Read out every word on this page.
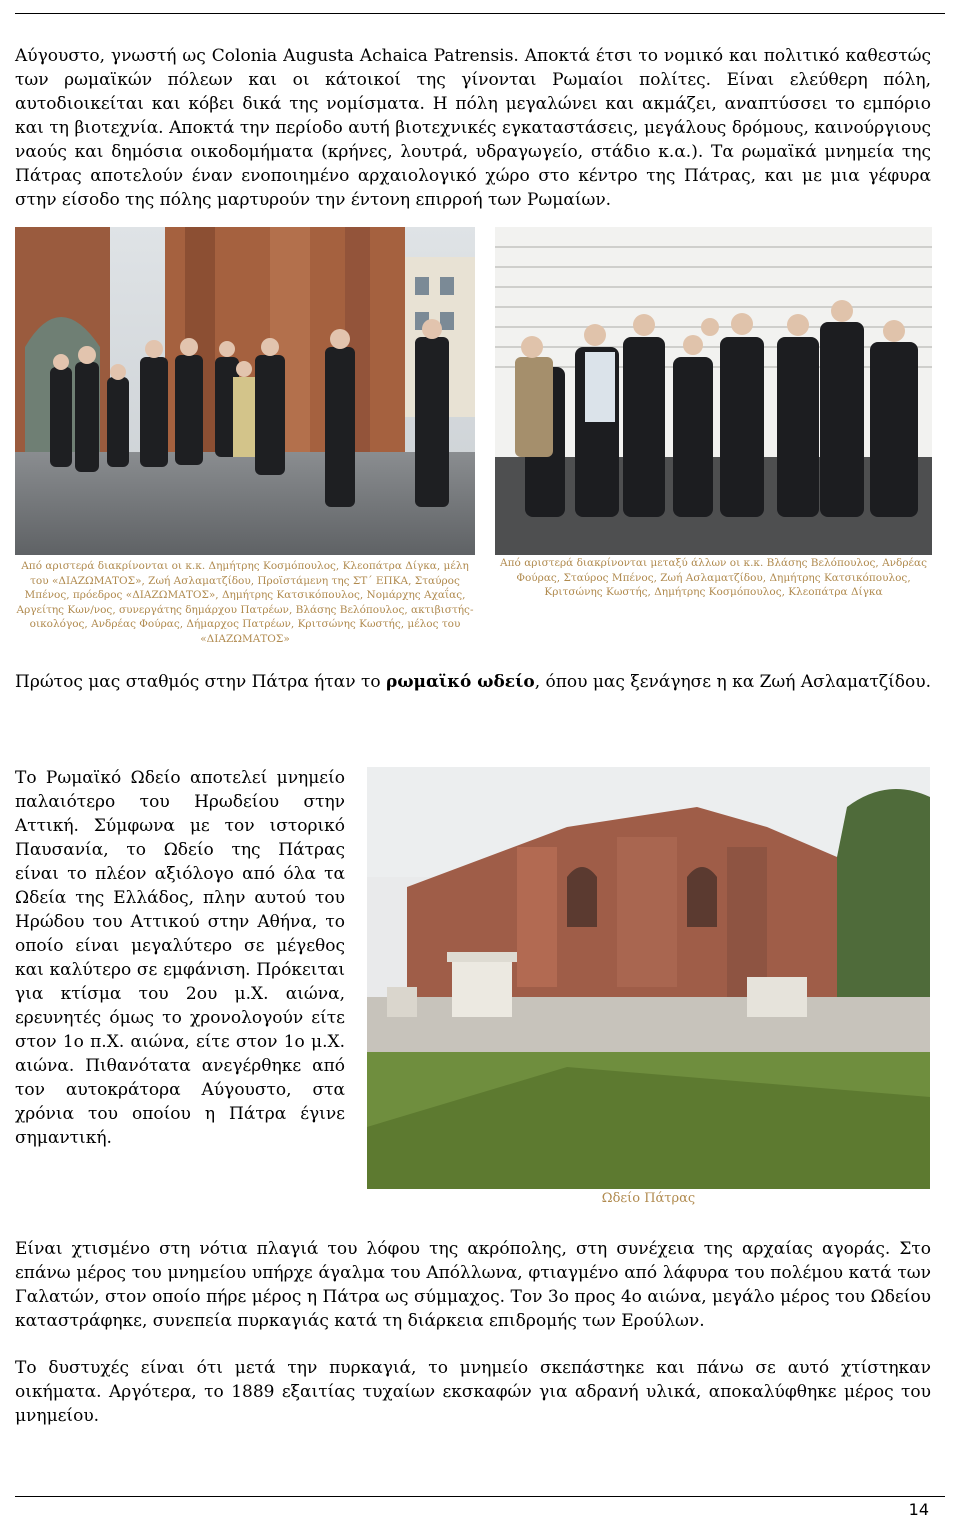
Αύγουστο, γνωστή ως Colonia Augusta Achaica Patrensis. Αποκτά έτσι το νομικό και πολιτικό καθεστώς των ρωμαϊκών πόλεων και οι κάτοικοί της γίνονται Ρωμαίοι πολίτες. Είναι ελεύθερη πόλη, αυτοδιοικείται και κόβει δικά της νομίσματα. Η πόλη μεγαλώνει και ακμάζει, αναπτύσσει το εμπόριο και τη βιοτεχνία. Αποκτά την περίοδο αυτή βιοτεχνικές εγκαταστάσεις, μεγάλους δρόμους, καινούργιους ναούς και δημόσια οικοδομήματα (κρήνες, λουτρά, υδραγωγείο, στάδιο κ.α.). Τα ρωμαϊκά μνημεία της Πάτρας αποτελούν έναν ενοποιημένο αρχαιολογικό χώρο στο κέντρο της Πάτρας, και με μια γέφυρα στην είσοδο της πόλης μαρτυρούν την έντονη επιρροή των Ρωμαίων.

Από αριστερά διακρίνονται οι κ.κ. Δημήτρης Κοσμόπουλος, Κλεοπάτρα Δίγκα, μέλη του «ΔΙΑΖΩΜΑΤΟΣ», Ζωή Ασλαματζίδου, Προϊστάμενη της ΣΤ΄ ΕΠΚΑ, Σταύρος Μπένος, πρόεδρος «ΔΙΑΖΩΜΑΤΟΣ», Δημήτρης Κατσικόπουλος, Νομάρχης Αχαΐας, Αργείτης Κων/νος, συνεργάτης δημάρχου Πατρέων, Βλάσης Βελόπουλος, ακτιβιστής- οικολόγος, Ανδρέας Φούρας, Δήμαρχος Πατρέων, Κριτσώνης Κωστής, μέλος του «ΔΙΑΖΩΜΑΤΟΣ»

Από αριστερά διακρίνονται μεταξύ άλλων οι κ.κ. Βλάσης Βελόπουλος, Ανδρέας Φούρας, Σταύρος Μπένος, Ζωή Ασλαματζίδου, Δημήτρης Κατσικόπουλος, Κριτσώνης Κωστής, Δημήτρης Κοσμόπουλος, Κλεοπάτρα Δίγκα

Πρώτος μας σταθμός στην Πάτρα ήταν το ρωμαϊκό ωδείο, όπου μας ξενάγησε η κα Ζωή Ασλαματζίδου.

Το Ρωμαϊκό Ωδείο αποτελεί μνημείο παλαιότερο του Ηρωδείου στην Αττική. Σύμφωνα με τον ιστορικό Παυσανία, το Ωδείο της Πάτρας είναι το πλέον αξιόλογο από όλα τα Ωδεία της Ελλάδος, πλην αυτού του Ηρώδου του Αττικού στην Αθήνα, το οποίο είναι μεγαλύτερο σε μέγεθος και καλύτερο σε εμφάνιση. Πρόκειται για κτίσμα του 2ου μ.Χ. αιώνα, ερευνητές όμως το χρονολογούν είτε στον 1ο π.Χ. αιώνα, είτε στον 1ο μ.Χ. αιώνα. Πιθανότατα ανεγέρθηκε από τον αυτοκράτορα Αύγουστο, στα χρόνια του οποίου η Πάτρα έγινε σημαντική.

Ωδείο Πάτρας

Είναι χτισμένο στη νότια πλαγιά του λόφου της ακρόπολης, στη συνέχεια της αρχαίας αγοράς. Στο επάνω μέρος του μνημείου υπήρχε άγαλμα του Απόλλωνα, φτιαγμένο από λάφυρα του πολέμου κατά των Γαλατών, στον οποίο πήρε μέρος η Πάτρα ως σύμμαχος. Τον 3ο προς 4ο αιώνα, μεγάλο μέρος του Ωδείου καταστράφηκε, συνεπεία πυρκαγιάς κατά τη διάρκεια επιδρομής των Ερούλων.

Το δυστυχές είναι ότι μετά την πυρκαγιά, το μνημείο σκεπάστηκε και πάνω σε αυτό χτίστηκαν οικήματα. Αργότερα, το 1889 εξαιτίας τυχαίων εκσκαφών για αδρανή υλικά, αποκαλύφθηκε μέρος του μνημείου.

14
